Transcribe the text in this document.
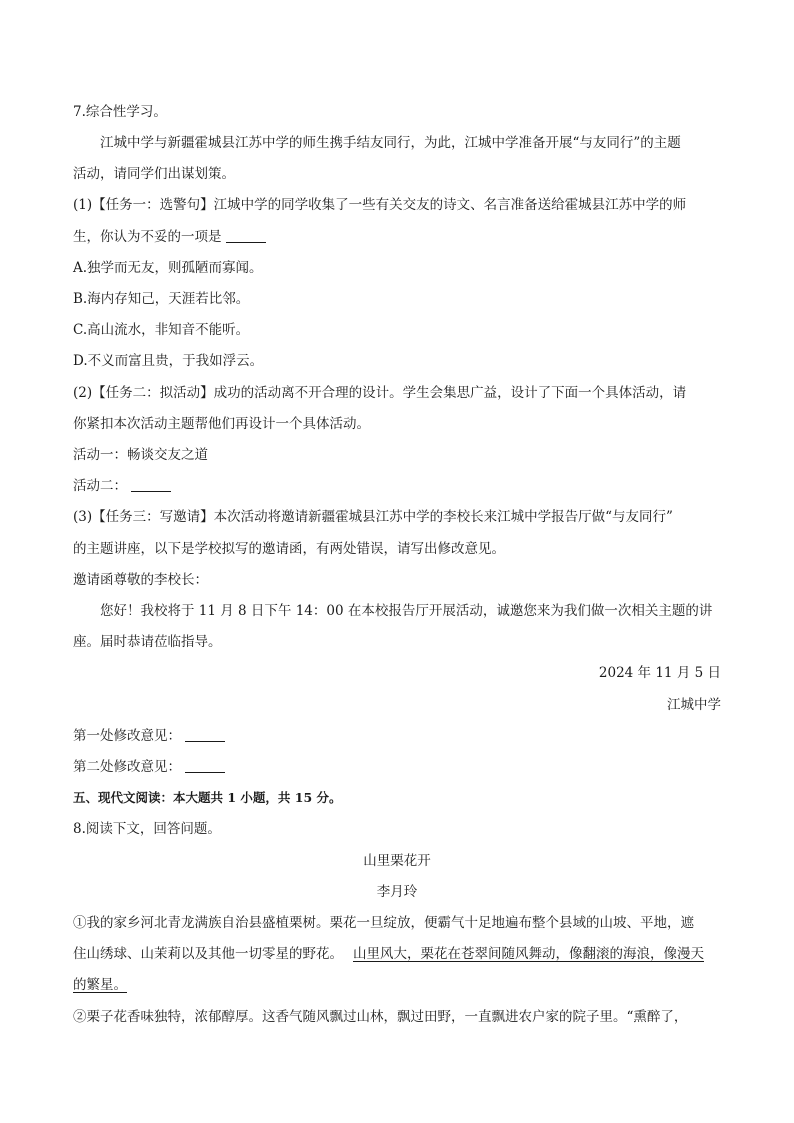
7.综合性学习。
江城中学与新疆霍城县江苏中学的师生携手结友同行，为此，江城中学准备开展“与友同行”的主题
活动，请同学们出谋划策。
(1)【任务一：选警句】江城中学的同学收集了一些有关交友的诗文、名言准备送给霍城县江苏中学的师
生，你认为不妥的一项是
A.独学而无友，则孤陋而寡闻。
B.海内存知己，天涯若比邻。
C.高山流水，非知音不能听。
D.不义而富且贵，于我如浮云。
(2)【任务二：拟活动】成功的活动离不开合理的设计。学生会集思广益，设计了下面一个具体活动，请
你紧扣本次活动主题帮他们再设计一个具体活动。
活动一：畅谈交友之道
活动二：
(3)【任务三：写邀请】本次活动将邀请新疆霍城县江苏中学的李校长来江城中学报告厅做“与友同行”
的主题讲座，以下是学校拟写的邀请函，有两处错误，请写出修改意见。
邀请函尊敬的李校长：
您好！我校将于 11 月 8 日下午 14：00 在本校报告厅开展活动，诚邀您来为我们做一次相关主题的讲
座。届时恭请莅临指导。
2024 年 11 月 5 日
江城中学
第一处修改意见：
第二处修改意见：
五、现代文阅读：本大题共 1 小题，共 15 分。
8.阅读下文，回答问题。
山里栗花开
李月玲
①我的家乡河北青龙满族自治县盛植栗树。栗花一旦绽放，便霸气十足地遍布整个县域的山坡、平地，遮
住山绣球、山茉莉以及其他一切零星的野花。 山里风大，栗花在苍翠间随风舞动，像翻滚的海浪，像漫天
的繁星。
②栗子花香味独特，浓郁醇厚。这香气随风飘过山林，飘过田野，一直飘进农户家的院子里。“熏醉了，
